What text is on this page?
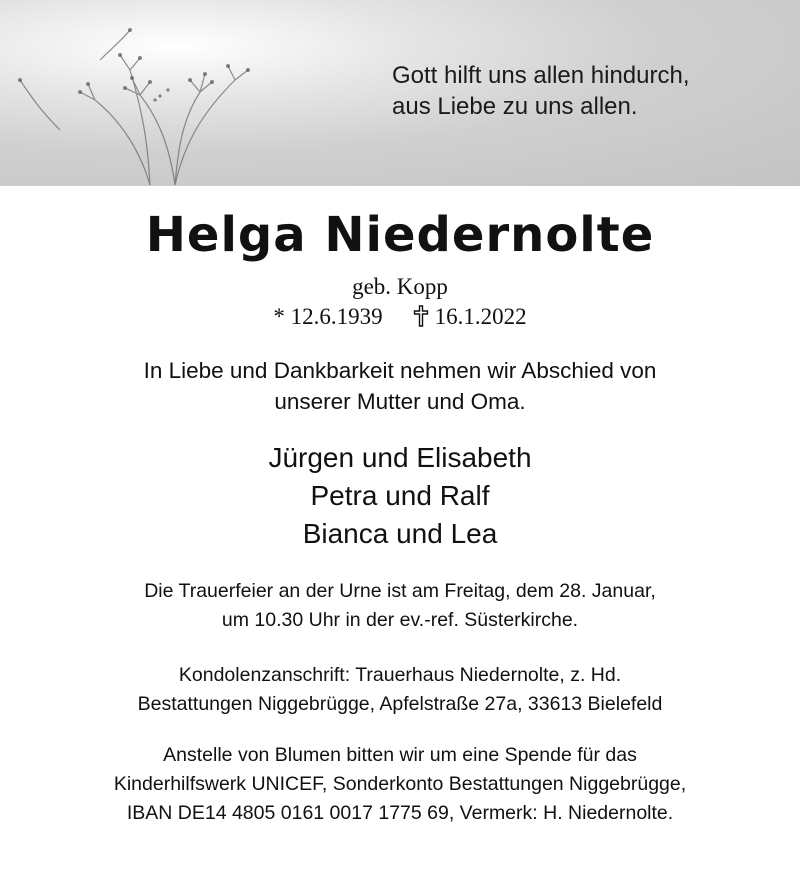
Gott hilft uns allen hindurch,
aus Liebe zu uns allen.
Helga Niedernolte
geb. Kopp
* 12.6.1939 16.1.2022
In Liebe und Dankbarkeit nehmen wir Abschied von
unserer Mutter und Oma.
Jürgen und Elisabeth
Petra und Ralf
Bianca und Lea
Die Trauerfeier an der Urne ist am Freitag, dem 28. Januar,
um 10.30 Uhr in der ev.-ref. Süsterkirche.
Kondolenzanschrift: Trauerhaus Niedernolte, z. Hd.
Bestattungen Niggebrügge, Apfelstraße 27a, 33613 Bielefeld
Anstelle von Blumen bitten wir um eine Spende für das
Kinderhilfswerk UNICEF, Sonderkonto Bestattungen Niggebrügge,
IBAN DE14 4805 0161 0017 1775 69, Vermerk: H. Niedernolte.
